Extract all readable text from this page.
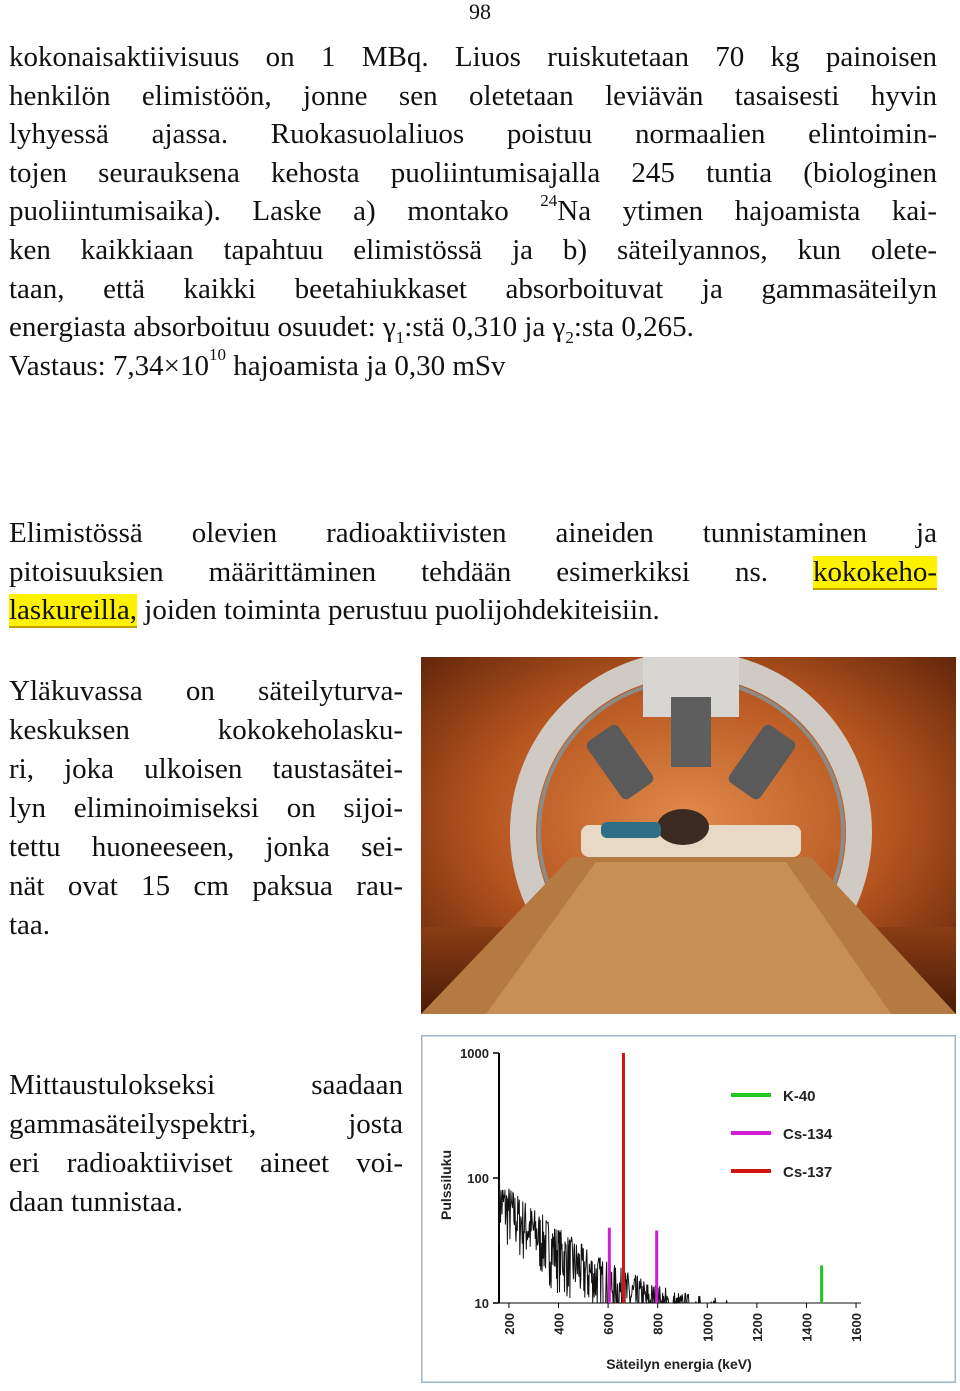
98
kokonaisaktiivisuus on 1 MBq. Liuos ruiskutetaan 70 kg painoisen
henkilön elimistöön, jonne sen oletetaan leviävän tasaisesti hyvin
lyhyessä ajassa. Ruokasuolaliuos poistuu normaalien elintoimin-
tojen seurauksena kehosta puoliintumisajalla 245 tuntia (biologinen
puoliintumisaika). Laske a) montako $^{24}$Na ytimen hajoamista kai-
ken kaikkiaan tapahtuu elimistössä ja b) säteilyannos, kun olete-
taan, että kaikki beetahiukkaset absorboituvat ja gammasäteilyn
energiasta absorboituu osuudet: $\gamma_1:stä$ 0,310 ja $\gamma_2:sta$ 0,265.
Vastaus: $7,34\times 10^{10}$ hajoamista ja 0,30 mSv
Elimistössä olevien radioaktiivisten aineiden tunnistaminen ja
pitoisuuksien määrittäminen tehdään esimerkiksi ns. kokokeho-
laskureilla, joiden toiminta perustuu puolijohdekiteisiin.
Yläkuvassa on säteilyturva-
keskuksen kokokeholasku-
ri, joka ulkoisen taustasätei-
lyn eliminoimiseksi on sijoi-
tettu huoneeseen, jonka sei-
nät ovat 15 cm paksua rau-
taa.
Mittaustulokseksi saadaan
gammasäteilyspektri, josta
eri radioaktiiviset aineet voi-
daan tunnistaa.
1000
100
10
200	400	600	800	1000	1200	1400	1600
K-40
Cs-134
Cs-137
Pulssiluku
Säteilyn energia (keV)
